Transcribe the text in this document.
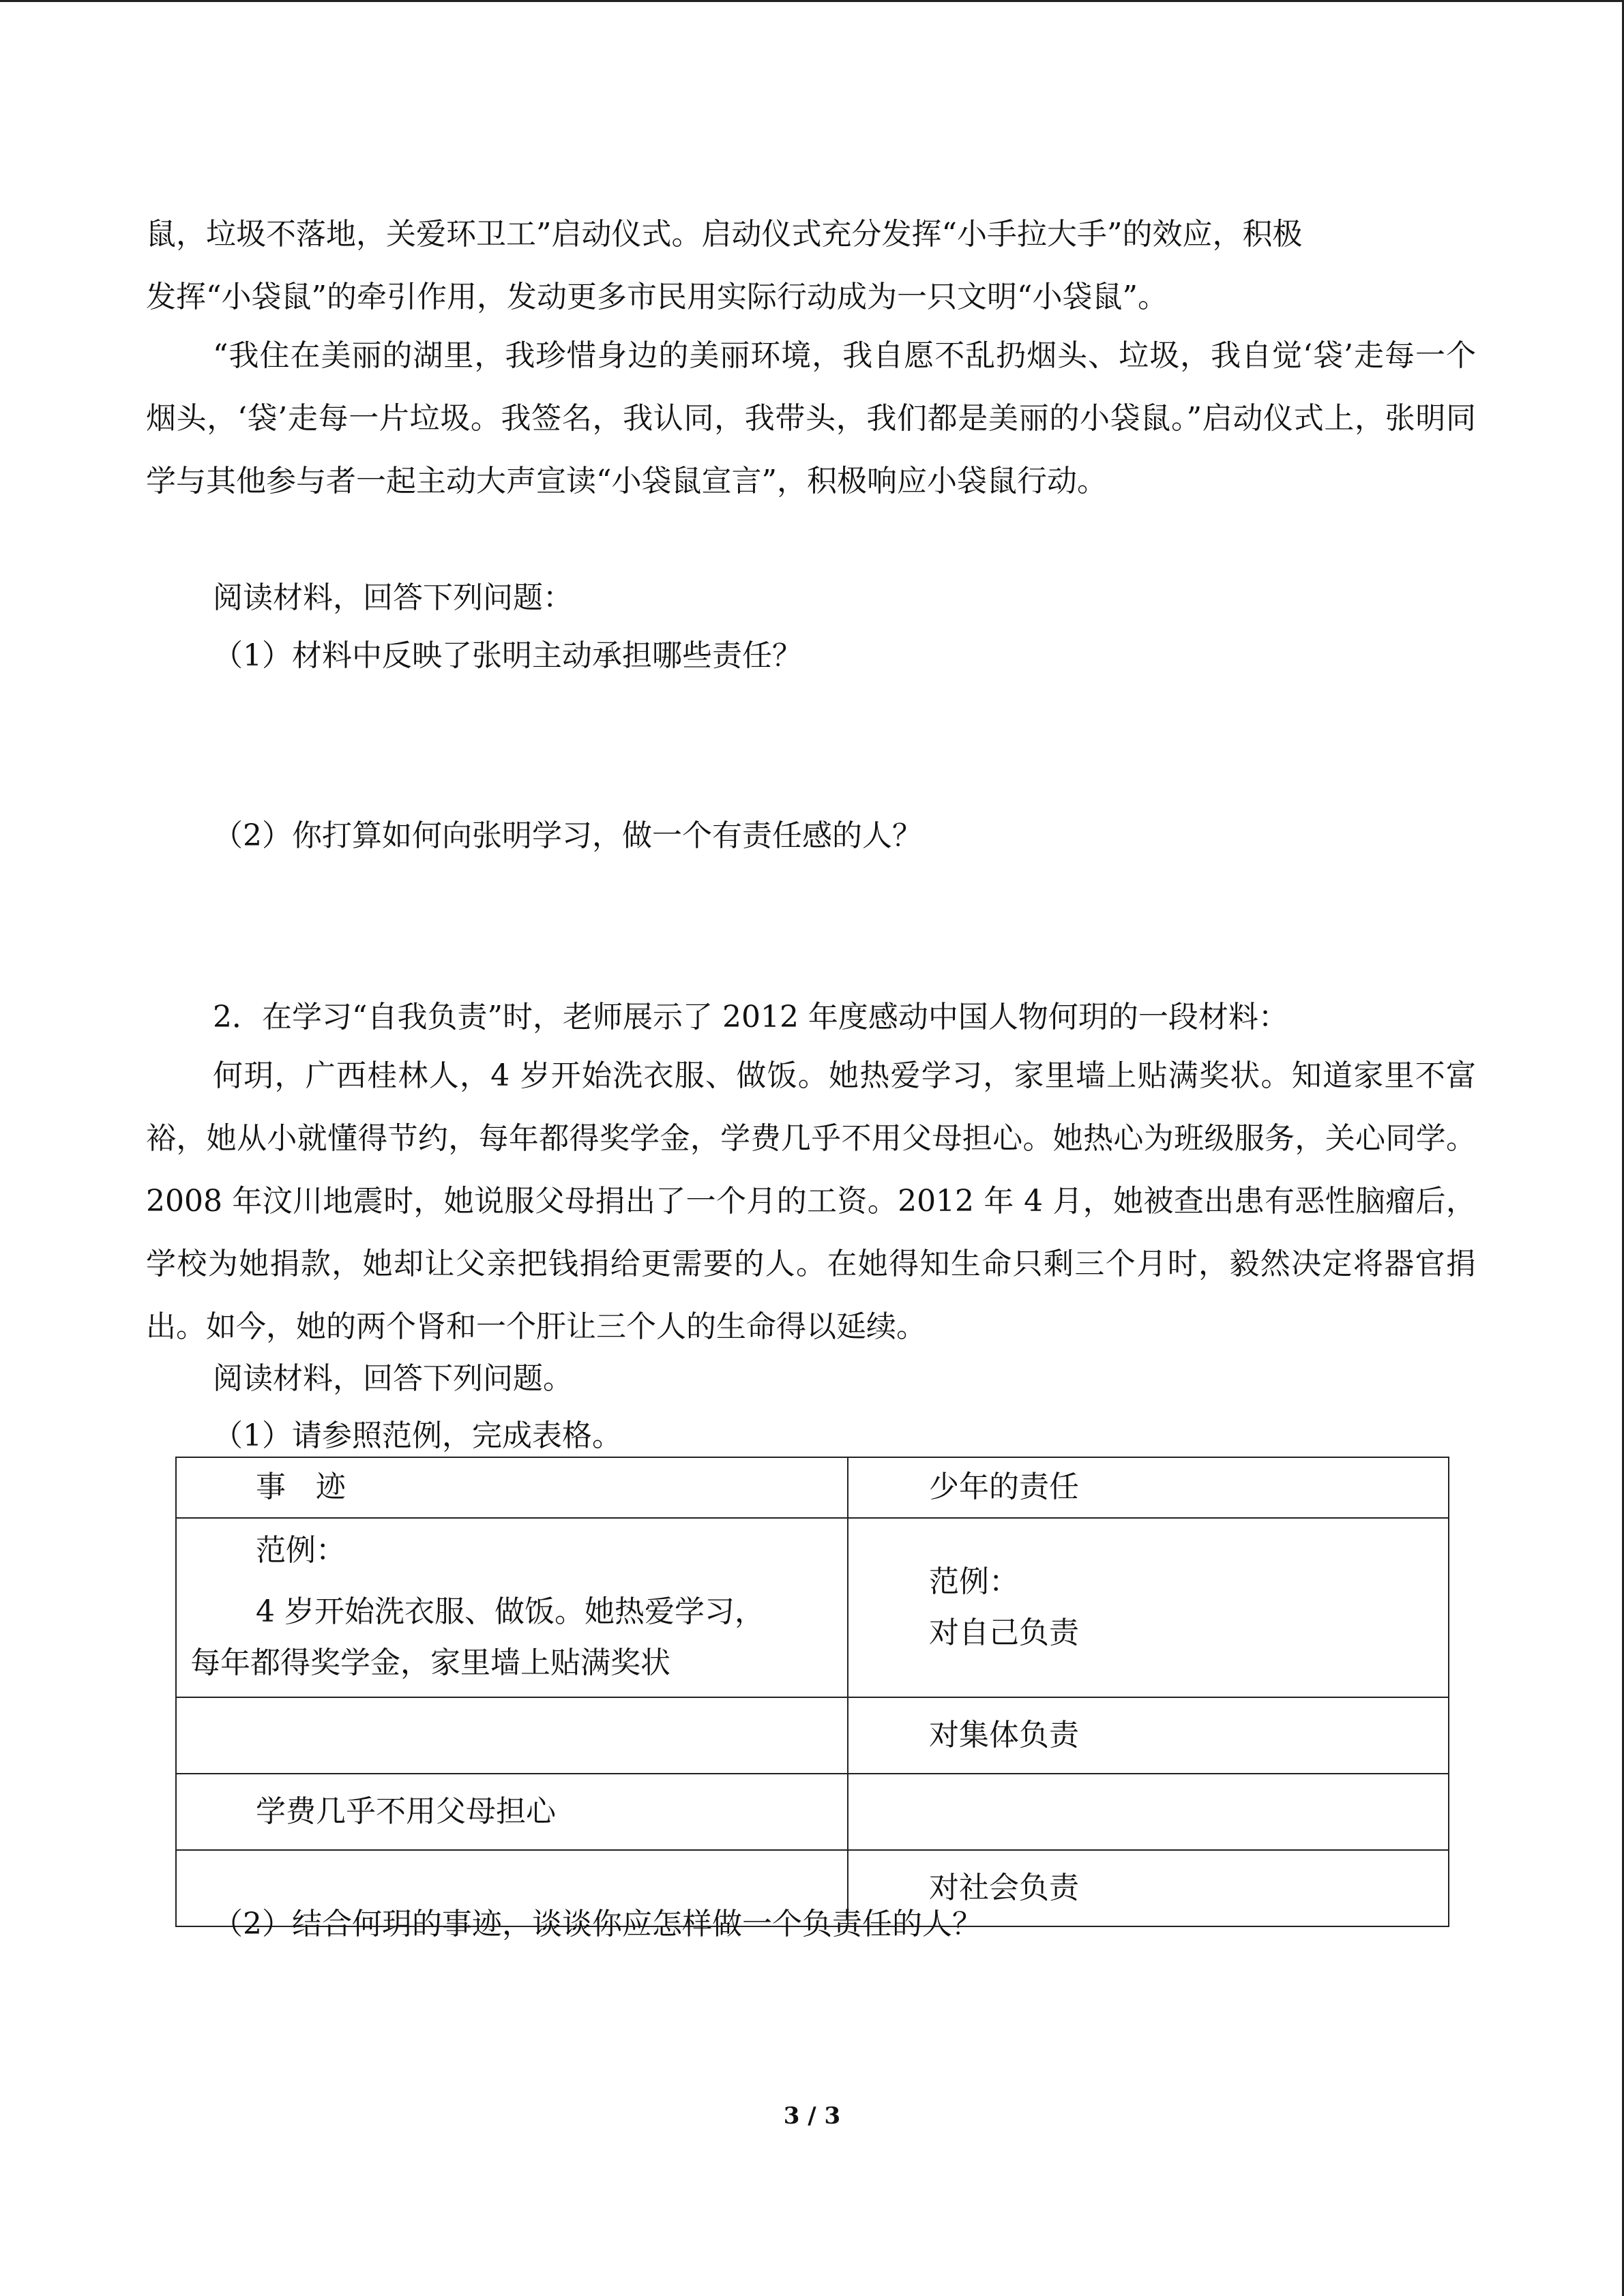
鼠，垃圾不落地，关爱环卫工”启动仪式。启动仪式充分发挥“小手拉大手”的效应，积极

发挥“小袋鼠”的牵引作用，发动更多市民用实际行动成为一只文明“小袋鼠”。

“我住在美丽的湖里，我珍惜身边的美丽环境，我自愿不乱扔烟头、垃圾，我自觉‘袋’走每一个烟头，‘袋’走每一片垃圾。我签名，我认同，我带头，我们都是美丽的小袋鼠。”启动仪式上，张明同学与其他参与者一起主动大声宣读“小袋鼠宣言”，积极响应小袋鼠行动。

阅读材料，回答下列问题：

（1）材料中反映了张明主动承担哪些责任？

（2）你打算如何向张明学习，做一个有责任感的人？

2．在学习“自我负责”时，老师展示了 2012 年度感动中国人物何玥的一段材料：

何玥，广西桂林人，4 岁开始洗衣服、做饭。她热爱学习，家里墙上贴满奖状。知道家里不富裕，她从小就懂得节约，每年都得奖学金，学费几乎不用父母担心。她热心为班级服务，关心同学。2008 年汶川地震时，她说服父母捐出了一个月的工资。2012 年 4 月，她被查出患有恶性脑瘤后，学校为她捐款，她却让父亲把钱捐给更需要的人。在她得知生命只剩三个月时，毅然决定将器官捐出。如今，她的两个肾和一个肝让三个人的生命得以延续。

阅读材料，回答下列问题。

（1）请参照范例，完成表格。

事　迹	少年的责任

范例：
4 岁开始洗衣服、做饭。她热爱学习，
每年都得奖学金，家里墙上贴满奖状	范例：
对自己负责

	对集体负责

学费几乎不用父母担心	

	对社会负责

（2）结合何玥的事迹，谈谈你应怎样做一个负责任的人？

3 / 3
